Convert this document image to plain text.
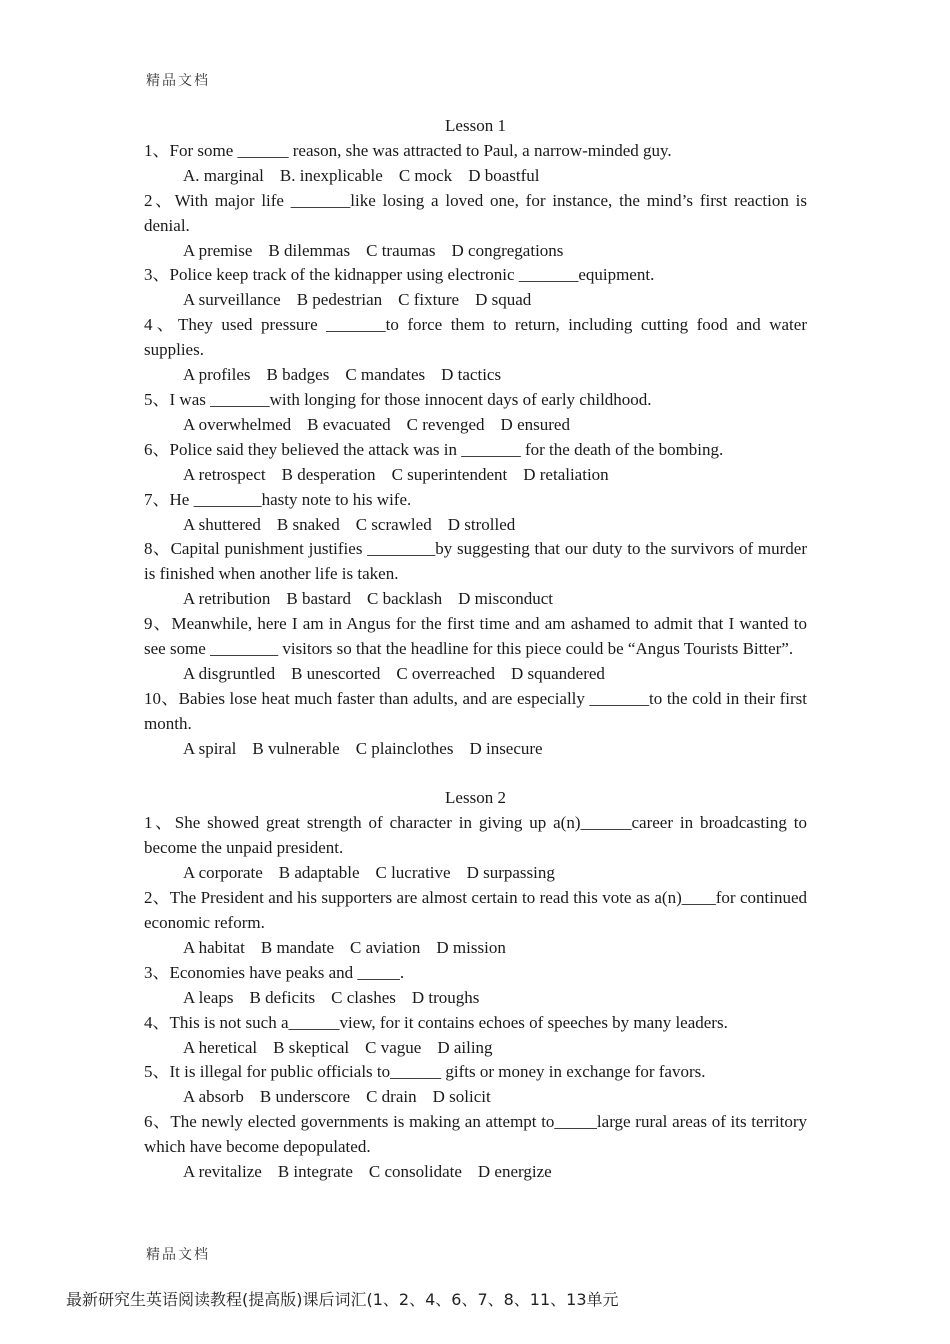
精品文档
Lesson 1

1、For some ______ reason, she was attracted to Paul, a narrow-minded guy.

A. marginal B. inexplicable C mock D boastful

2、With major life _______like losing a loved one, for instance, the mind’s first reaction is denial.

A premise B dilemmas C traumas D congregations

3、Police keep track of the kidnapper using electronic _______equipment.

A surveillance B pedestrian C fixture D squad

4、They used pressure _______to force them to return, including cutting food and water supplies.

A profiles B badges C mandates D tactics

5、I was _______with longing for those innocent days of early childhood.

A overwhelmed B evacuated C revenged D ensured

6、Police said they believed the attack was in _______ for the death of the bombing.

A retrospect B desperation C superintendent D retaliation

7、He ________hasty note to his wife.

A shuttered B snaked C scrawled D strolled

8、Capital punishment justifies ________by suggesting that our duty to the survivors of murder is finished when another life is taken.

A retribution B bastard C backlash D misconduct

9、Meanwhile, here I am in Angus for the first time and am ashamed to admit that I wanted to see some ________ visitors so that the headline for this piece could be “Angus Tourists Bitter”.

A disgruntled B unescorted C overreached D squandered

10、Babies lose heat much faster than adults, and are especially _______to the cold in their first month.

A spiral B vulnerable C plainclothes D insecure
Lesson 2

1、She showed great strength of character in giving up a(n)______career in broadcasting to become the unpaid president.

A corporate B adaptable C lucrative D surpassing

2、The President and his supporters are almost certain to read this vote as a(n)____for continued economic reform.

A habitat B mandate C aviation D mission

3、Economies have peaks and _____.

A leaps B deficits C clashes D troughs

4、This is not such a______view, for it contains echoes of speeches by many leaders.

A heretical B skeptical C vague D ailing

5、It is illegal for public officials to______ gifts or money in exchange for favors.

A absorb B underscore C drain D solicit

6、The newly elected governments is making an attempt to_____large rural areas of its territory which have become depopulated.

A revitalize B integrate C consolidate D energize
精品文档
最新研究生英语阅读教程(提高版)课后词汇(1、2、4、6、7、8、11、13单元
